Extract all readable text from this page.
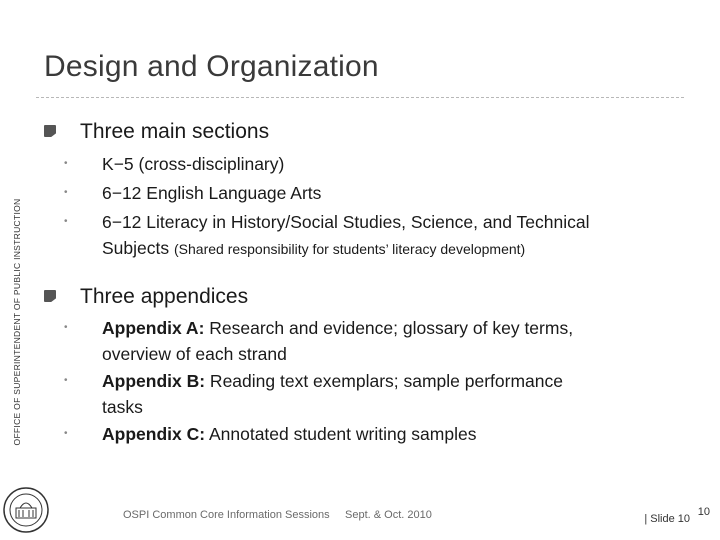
Design and Organization
OFFICE OF SUPERINTENDENT OF PUBLIC INSTRUCTION
Three main sections
• K−5 (cross-disciplinary)
• 6−12 English Language Arts
• 6−12 Literacy in History/Social Studies, Science, and Technical
Subjects (Shared responsibility for students’ literacy development)
Three appendices
• Appendix A: Research and evidence; glossary of key terms,
overview of each strand
• Appendix B: Reading text exemplars; sample performance
tasks
• Appendix C: Annotated student writing samples
OSPI Common Core Information Sessions Sept. & Oct. 2010	| Slide 10
10
